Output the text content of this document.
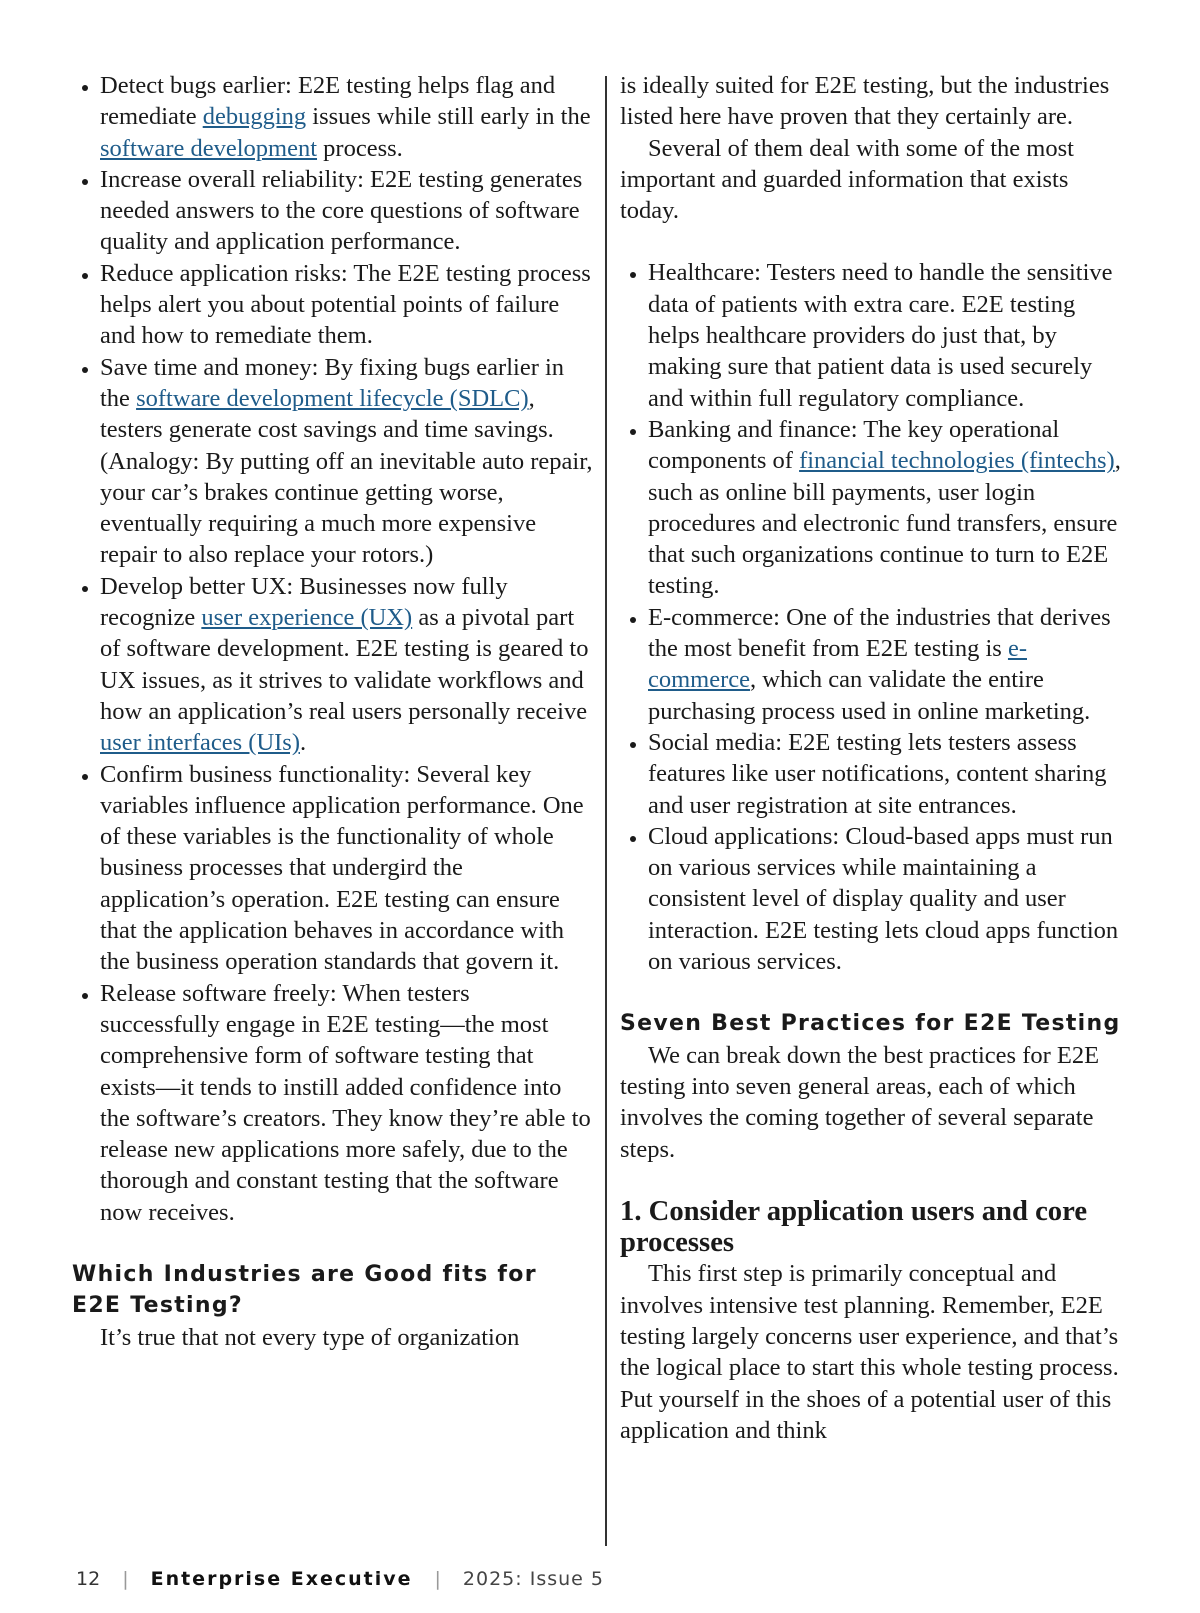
• Detect bugs earlier: E2E testing helps flag and remediate debugging issues while still early in the software development process.
• Increase overall reliability: E2E testing generates needed answers to the core questions of software quality and application performance.
• Reduce application risks: The E2E testing process helps alert you about potential points of failure and how to remediate them.
• Save time and money: By fixing bugs earlier in the software development lifecycle (SDLC), testers generate cost savings and time savings. (Analogy: By putting off an inevitable auto repair, your car’s brakes continue getting worse, eventually requiring a much more expensive repair to also replace your rotors.)
• Develop better UX: Businesses now fully recognize user experience (UX) as a pivotal part of software development. E2E testing is geared to UX issues, as it strives to validate workflows and how an application’s real users personally receive user interfaces (UIs).
• Confirm business functionality: Several key variables influence application performance. One of these variables is the functionality of whole business processes that undergird the application’s operation. E2E testing can ensure that the application behaves in accordance with the business operation standards that govern it.
• Release software freely: When testers successfully engage in E2E testing—the most comprehensive form of software testing that exists—it tends to instill added confidence into the software’s creators. They know they’re able to release new applications more safely, due to the thorough and constant testing that the software now receives.
Which Industries are Good fits for E2E Testing?

It’s true that not every type of organization

is ideally suited for E2E testing, but the industries listed here have proven that they certainly are.

Several of them deal with some of the most important and guarded information that exists today.

• Healthcare: Testers need to handle the sensitive data of patients with extra care. E2E testing helps healthcare providers do just that, by making sure that patient data is used securely and within full regulatory compliance.
• Banking and finance: The key operational components of financial technologies (fintechs), such as online bill payments, user login procedures and electronic fund transfers, ensure that such organizations continue to turn to E2E testing.
• E-commerce: One of the industries that derives the most benefit from E2E testing is e-commerce, which can validate the entire purchasing process used in online marketing.
• Social media: E2E testing lets testers assess features like user notifications, content sharing and user registration at site entrances.
• Cloud applications: Cloud-based apps must run on various services while maintaining a consistent level of display quality and user interaction. E2E testing lets cloud apps function on various services.
Seven Best Practices for E2E Testing

We can break down the best practices for E2E testing into seven general areas, each of which involves the coming together of several separate steps.

1. Consider application users and core processes

This first step is primarily conceptual and involves intensive test planning. Remember, E2E testing largely concerns user experience, and that’s the logical place to start this whole testing process. Put yourself in the shoes of a potential user of this application and think

12 | Enterprise Executive | 2025: Issue 5
